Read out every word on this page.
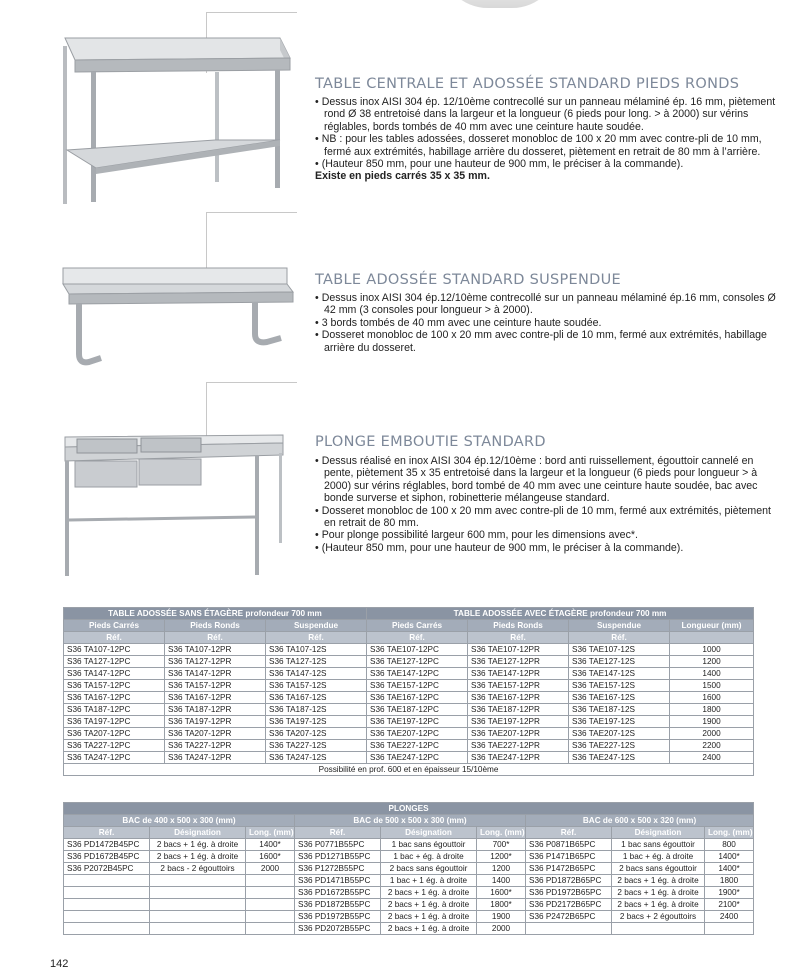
TABLE CENTRALE ET ADOSSÉE STANDARD PIEDS RONDS
• Dessus inox AISI 304 ép. 12/10ème contrecollé sur un panneau mélaminé ép. 16 mm, piètement rond Ø 38 entretoisé dans la largeur et la longueur (6 pieds pour long. > à 2000) sur vérins réglables, bords tombés de 40 mm avec une ceinture haute soudée.
• NB : pour les tables adossées, dosseret monobloc de 100 x 20 mm avec contre-pli de 10 mm, fermé aux extrémités, habillage arrière du dosseret, piètement en retrait de 80 mm à l’arrière.
• (Hauteur 850 mm, pour une hauteur de 900 mm, le préciser à la commande).
Existe en pieds carrés 35 x 35 mm.
TABLE ADOSSÉE STANDARD SUSPENDUE
• Dessus inox AISI 304 ép.12/10ème contrecollé sur un panneau mélaminé ép.16 mm, consoles Ø 42 mm (3 consoles pour longueur > à 2000).
• 3 bords tombés de 40 mm avec une ceinture haute soudée.
• Dosseret monobloc de 100 x 20 mm avec contre-pli de 10 mm, fermé aux extrémités, habillage arrière du dosseret.
PLONGE EMBOUTIE STANDARD
• Dessus réalisé en inox AISI 304 ép.12/10ème : bord anti ruissellement, égouttoir cannelé en pente, piètement 35 x 35 entretoisé dans la largeur et la longueur (6 pieds pour longueur > à 2000) sur vérins réglables, bord tombé de 40 mm avec une ceinture haute soudée, bac avec bonde surverse et siphon, robinetterie mélangeuse standard.
• Dosseret monobloc de 100 x 20 mm avec contre-pli de 10 mm, fermé aux extrémités, piètement en retrait de 80 mm.
• Pour plonge possibilité largeur 600 mm, pour les dimensions avec*.
• (Hauteur 850 mm, pour une hauteur de 900 mm, le préciser à la commande).
TABLE ADOSSÉE SANS ÉTAGÈRE profondeur 700 mm			TABLE ADOSSÉE AVEC ÉTAGÈRE profondeur 700 mm			
Pieds Carrés	Pieds Ronds	Suspendue	Pieds Carrés	Pieds Ronds	Suspendue	Longueur (mm)
Réf.	Réf.	Réf.	Réf.	Réf.	Réf.	
S36 TA107-12PC	S36 TA107-12PR	S36 TA107-12S	S36 TAE107-12PC	S36 TAE107-12PR	S36 TAE107-12S	1000
S36 TA127-12PC	S36 TA127-12PR	S36 TA127-12S	S36 TAE127-12PC	S36 TAE127-12PR	S36 TAE127-12S	1200
S36 TA147-12PC	S36 TA147-12PR	S36 TA147-12S	S36 TAE147-12PC	S36 TAE147-12PR	S36 TAE147-12S	1400
S36 TA157-12PC	S36 TA157-12PR	S36 TA157-12S	S36 TAE157-12PC	S36 TAE157-12PR	S36 TAE157-12S	1500
S36 TA167-12PC	S36 TA167-12PR	S36 TA167-12S	S36 TAE167-12PC	S36 TAE167-12PR	S36 TAE167-12S	1600
S36 TA187-12PC	S36 TA187-12PR	S36 TA187-12S	S36 TAE187-12PC	S36 TAE187-12PR	S36 TAE187-12S	1800
S36 TA197-12PC	S36 TA197-12PR	S36 TA197-12S	S36 TAE197-12PC	S36 TAE197-12PR	S36 TAE197-12S	1900
S36 TA207-12PC	S36 TA207-12PR	S36 TA207-12S	S36 TAE207-12PC	S36 TAE207-12PR	S36 TAE207-12S	2000
S36 TA227-12PC	S36 TA227-12PR	S36 TA227-12S	S36 TAE227-12PC	S36 TAE227-12PR	S36 TAE227-12S	2200
S36 TA247-12PC	S36 TA247-12PR	S36 TA247-12S	S36 TAE247-12PC	S36 TAE247-12PR	S36 TAE247-12S	2400
Possibilité en prof. 600 et en épaisseur 15/10ème						
PLONGES								
BAC de 400 x 500 x 300 (mm)			BAC de 500 x 500 x 300 (mm)			BAC de 600 x 500 x 320 (mm)		
Réf.	Désignation	Long. (mm)	Réf.	Désignation	Long. (mm)	Réf.	Désignation	Long. (mm)
S36 PD1472B45PC	2 bacs + 1 ég. à droite	1400*	S36 P0771B55PC	1 bac sans égouttoir	700*	S36 P0871B65PC	1 bac sans égouttoir	800
S36 PD1672B45PC	2 bacs + 1 ég. à droite	1600*	S36 PD1271B55PC	1 bac + ég. à droite	1200*	S36 P1471B65PC	1 bac + ég. à droite	1400*
S36 P2072B45PC	2 bacs - 2 égouttoirs	2000	S36 P1272B55PC	2 bacs sans égouttoir	1200	S36 P1472B65PC	2 bacs sans égouttoir	1400*
			S36 PD1471B55PC	1 bac + 1 ég. à droite	1400	S36 PD1872B65PC	2 bacs + 1 ég. à droite	1800
			S36 PD1672B55PC	2 bacs + 1 ég. à droite	1600*	S36 PD1972B65PC	2 bacs + 1 ég. à droite	1900*
			S36 PD1872B55PC	2 bacs + 1 ég. à droite	1800*	S36 PD2172B65PC	2 bacs + 1 ég. à droite	2100*
			S36 PD1972B55PC	2 bacs + 1 ég. à droite	1900	S36 P2472B65PC	2 bacs + 2 égouttoirs	2400
			S36 PD2072B55PC	2 bacs + 1 ég. à droite	2000			
142
